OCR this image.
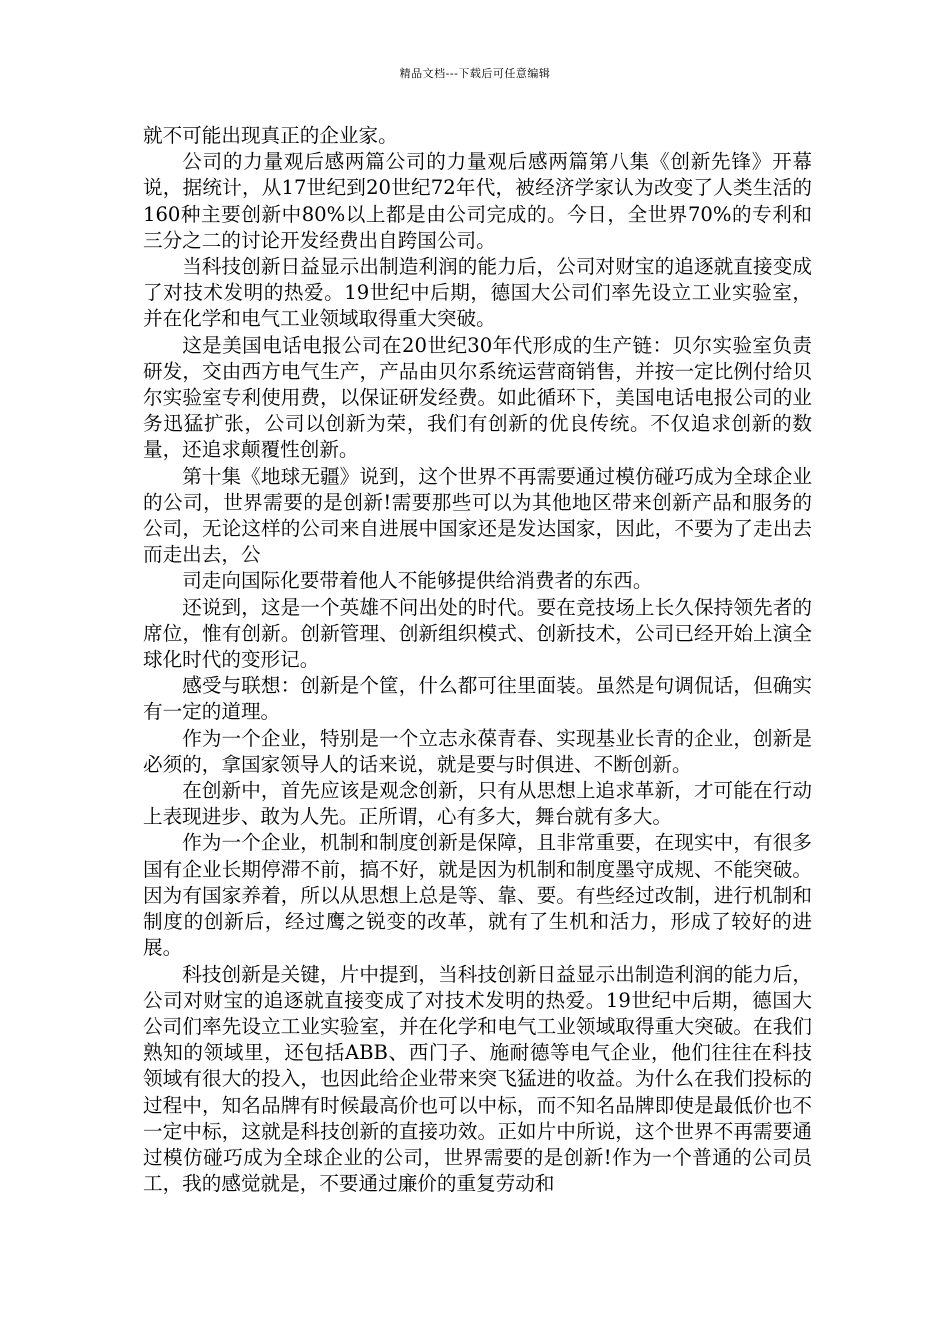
精品文档---下载后可任意编辑

就不可能出现真正的企业家。

公司的力量观后感两篇公司的力量观后感两篇第八集《创新先锋》开幕说，据统计，从17世纪到20世纪72年代，被经济学家认为改变了人类生活的160种主要创新中80%以上都是由公司完成的。今日，全世界70%的专利和三分之二的讨论开发经费出自跨国公司。

当科技创新日益显示出制造利润的能力后，公司对财宝的追逐就直接变成了对技术发明的热爱。19世纪中后期，德国大公司们率先设立工业实验室，并在化学和电气工业领域取得重大突破。

这是美国电话电报公司在20世纪30年代形成的生产链：贝尔实验室负责研发，交由西方电气生产，产品由贝尔系统运营商销售，并按一定比例付给贝尔实验室专利使用费，以保证研发经费。如此循环下，美国电话电报公司的业务迅猛扩张，公司以创新为荣，我们有创新的优良传统。不仅追求创新的数量，还追求颠覆性创新。

第十集《地球无疆》说到，这个世界不再需要通过模仿碰巧成为全球企业的公司，世界需要的是创新!需要那些可以为其他地区带来创新产品和服务的公司，无论这样的公司来自进展中国家还是发达国家，因此，不要为了走出去而走出去，公

司走向国际化要带着他人不能够提供给消费者的东西。

还说到，这是一个英雄不问出处的时代。要在竞技场上长久保持领先者的席位，惟有创新。创新管理、创新组织模式、创新技术，公司已经开始上演全球化时代的变形记。

感受与联想：创新是个筐，什么都可往里面装。虽然是句调侃话，但确实有一定的道理。

作为一个企业，特别是一个立志永葆青春、实现基业长青的企业，创新是必须的，拿国家领导人的话来说，就是要与时俱进、不断创新。

在创新中，首先应该是观念创新，只有从思想上追求革新，才可能在行动上表现进步、敢为人先。正所谓，心有多大，舞台就有多大。

作为一个企业，机制和制度创新是保障，且非常重要，在现实中，有很多国有企业长期停滞不前，搞不好，就是因为机制和制度墨守成规、不能突破。因为有国家养着，所以从思想上总是等、靠、要。有些经过改制，进行机制和制度的创新后，经过鹰之锐变的改革，就有了生机和活力，形成了较好的进展。

科技创新是关键，片中提到，当科技创新日益显示出制造利润的能力后，公司对财宝的追逐就直接变成了对技术发明的热爱。19世纪中后期，德国大公司们率先设立工业实验室，并在化学和电气工业领域取得重大突破。在我们熟知的领域里，还包括ABB、西门子、施耐德等电气企业，他们往往在科技领域有很大的投入，也因此给企业带来突飞猛进的收益。为什么在我们投标的过程中，知名品牌有时候最高价也可以中标，而不知名品牌即使是最低价也不一定中标，这就是科技创新的直接功效。正如片中所说，这个世界不再需要通过模仿碰巧成为全球企业的公司，世界需要的是创新!作为一个普通的公司员工，我的感觉就是，不要通过廉价的重复劳动和
